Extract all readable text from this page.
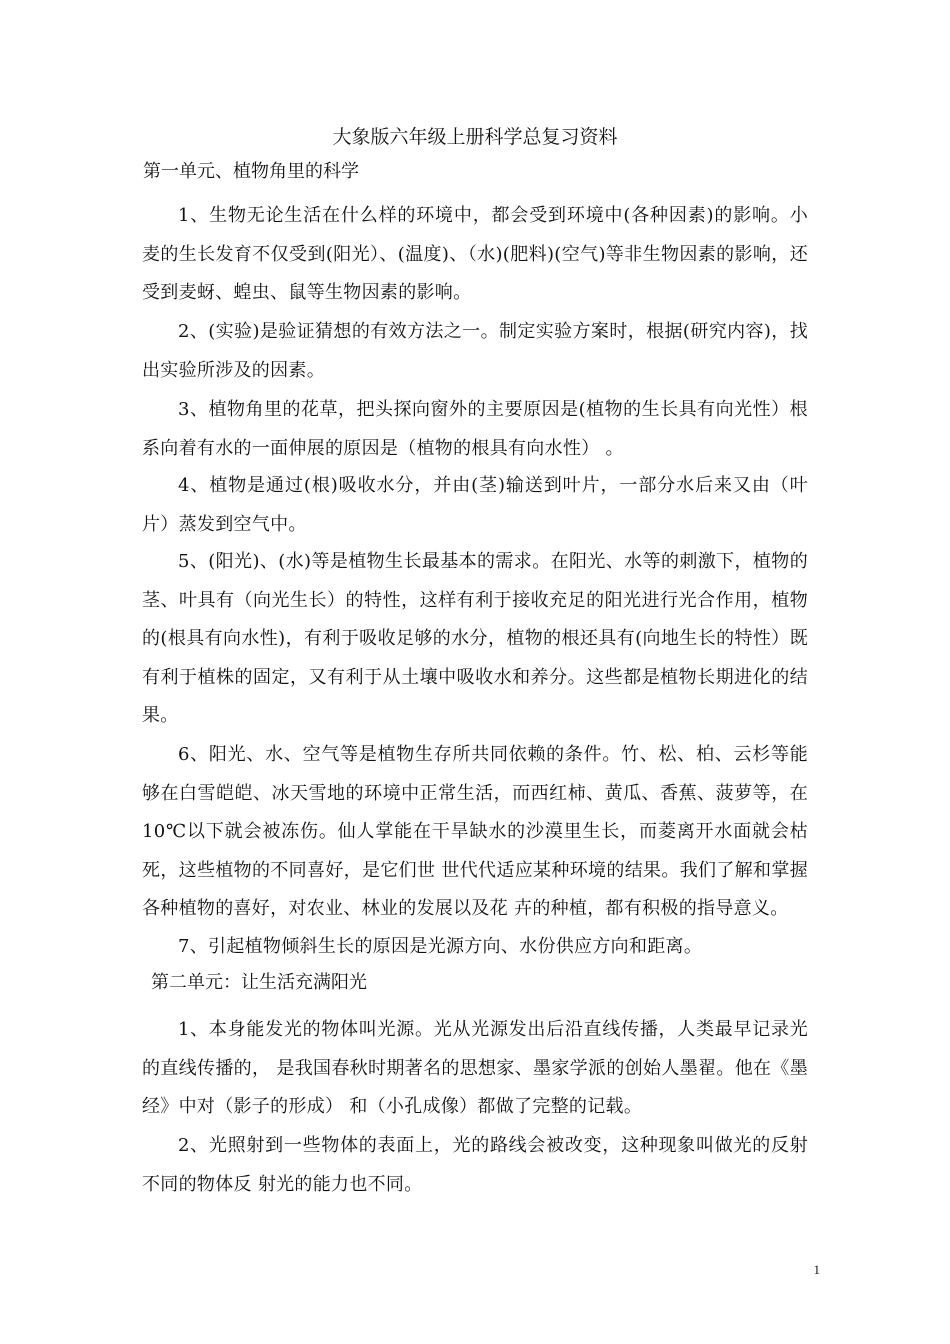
大象版六年级上册科学总复习资料
第一单元、植物角里的科学

1、生物无论生活在什么样的环境中，都会受到环境中(各种因素)的影响。小麦的生长发育不仅受到(阳光）、(温度)、（水)(肥料)(空气)等非生物因素的影响，还受到麦蚜、蝗虫、鼠等生物因素的影响。

2、(实验)是验证猜想的有效方法之一。制定实验方案时，根据(研究内容)，找出实验所涉及的因素。

3、植物角里的花草，把头探向窗外的主要原因是(植物的生长具有向光性）根系向着有水的一面伸展的原因是（植物的根具有向水性） 。

4、植物是通过(根)吸收水分，并由(茎)输送到叶片，一部分水后来又由（叶片）蒸发到空气中。

5、(阳光)、(水)等是植物生长最基本的需求。在阳光、水等的刺激下，植物的茎、叶具有（向光生长）的特性，这样有利于接收充足的阳光进行光合作用，植物的(根具有向水性)，有利于吸收足够的水分，植物的根还具有(向地生长的特性）既有利于植株的固定，又有利于从土壤中吸收水和养分。这些都是植物长期进化的结果。

6、阳光、水、空气等是植物生存所共同依赖的条件。竹、松、柏、云杉等能够在白雪皑皑、冰天雪地的环境中正常生活，而西红柿、黄瓜、香蕉、菠萝等，在 10℃以下就会被冻伤。仙人掌能在干旱缺水的沙漠里生长，而菱离开水面就会枯死，这些植物的不同喜好，是它们世 世代代适应某种环境的结果。我们了解和掌握各种植物的喜好，对农业、林业的发展以及花 卉的种植，都有积极的指导意义。

7、引起植物倾斜生长的原因是光源方向、水份供应方向和距离。

第二单元：让生活充满阳光

1、本身能发光的物体叫光源。光从光源发出后沿直线传播，人类最早记录光的直线传播的， 是我国春秋时期著名的思想家、墨家学派的创始人墨翟。他在《墨经》中对（影子的形成） 和（小孔成像）都做了完整的记载。

2、光照射到一些物体的表面上，光的路线会被改变，这种现象叫做光的反射不同的物体反 射光的能力也不同。

1
